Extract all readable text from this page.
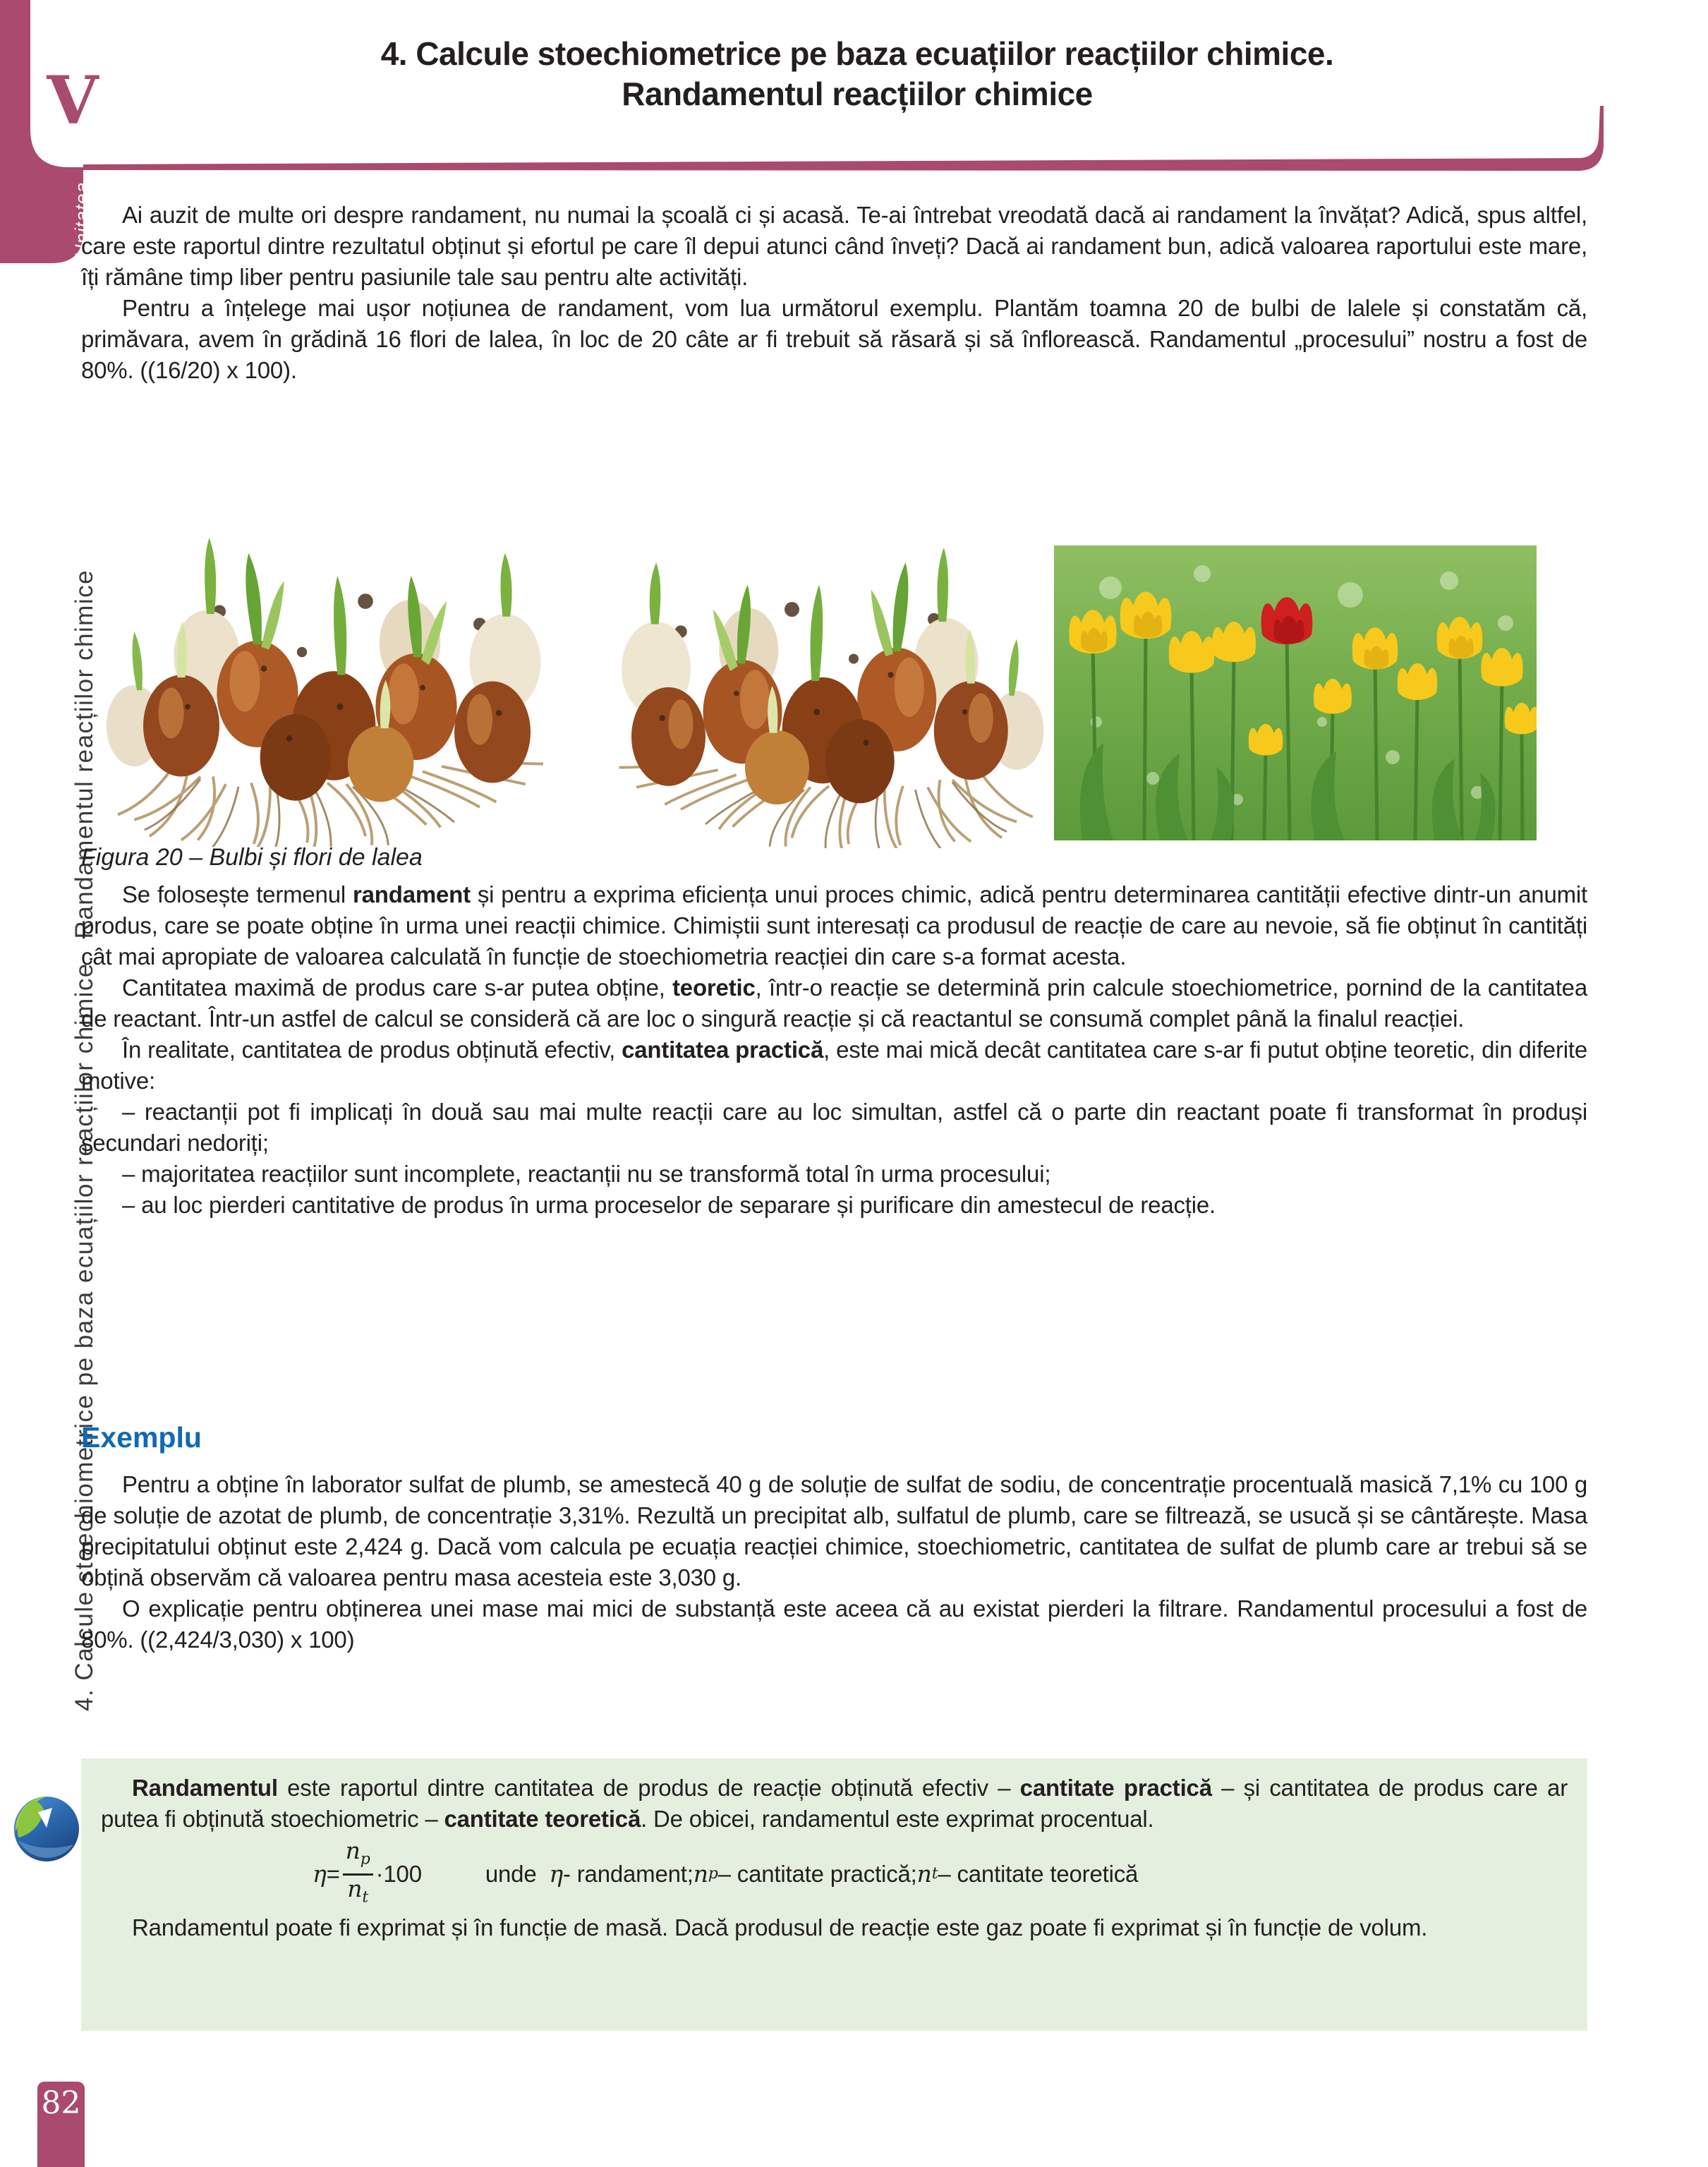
V
Unitatea
4. Calcule stoechiometrice pe baza ecuațiilor reacțiilor chimice.  Randamentul reacțiilor chimice
82
4. Calcule stoechiometrice pe baza ecuațiilor reacțiilor chimice.
Randamentul reacțiilor chimice

Ai auzit de multe ori despre randament, nu numai la școală ci și acasă. Te-ai întrebat vreodată dacă ai randament la învățat? Adică, spus altfel, care este raportul dintre rezultatul obținut și efortul pe care îl depui atunci când înveți? Dacă ai randament bun, adică valoarea raportului este mare, îți rămâne timp liber pentru pasiunile tale sau pentru alte activități.

Pentru a înțelege mai ușor noțiunea de randament, vom lua următorul exemplu. Plantăm toamna 20 de bulbi de lalele și constatăm că, primăvara, avem în grădină 16 flori de lalea, în loc de 20 câte ar fi trebuit să răsară și să înflorească. Randamentul „procesului” nostru a fost de 80%. ((16/20) x 100).

Figura 20 – Bulbi și flori de lalea

Se folosește termenul randament și pentru a exprima eficiența unui proces chimic, adică pentru determinarea cantității efective dintr-un anumit produs, care se poate obține în urma unei reacții chimice. Chimiștii sunt interesați ca produsul de reacție de care au nevoie, să fie obținut în cantități cât mai apropiate de valoarea calculată în funcție de stoechiometria reacției din care s-a format acesta.

Cantitatea maximă de produs care s-ar putea obține, teoretic, într-o reacție se determină prin calcule stoechiometrice, pornind de la cantitatea de reactant. Într-un astfel de calcul se consideră că are loc o singură reacție și că reactantul se consumă complet până la finalul reacției.

În realitate, cantitatea de produs obținută efectiv, cantitatea practică, este mai mică decât cantitatea care s-ar fi putut obține teoretic, din diferite motive:

– reactanții pot fi implicați în două sau mai multe reacții care au loc simultan, astfel că o parte din reactant poate fi transformat în produși secundari nedoriți;

– majoritatea reacțiilor sunt incomplete, reactanții nu se transformă total în urma procesului;

– au loc pierderi cantitative de produs în urma proceselor de separare și purificare din amestecul de reacție.

Exemplu

Pentru a obține în laborator sulfat de plumb, se amestecă 40 g de soluție de sulfat de sodiu, de concentrație procentuală masică 7,1% cu 100 g de soluție de azotat de plumb, de concentrație 3,31%. Rezultă un precipitat alb, sulfatul de plumb, care se filtrează, se usucă și se cântărește. Masa precipitatului obținut este 2,424 g. Dacă vom calcula pe ecuația reacției chimice, stoechiometric, cantitatea de sulfat de plumb care ar trebui să se obțină observăm că valoarea pentru masa acesteia este 3,030 g.

O explicație pentru obținerea unei mase mai mici de substanță este aceea că au existat pierderi la filtrare. Randamentul procesului a fost de 80%. ((2,424/3,030) x 100)

Randamentul este raportul dintre cantitatea de produs de reacție obținută efectiv – cantitate practică – și cantitatea de produs care ar putea fi obținută stoechiometric – cantitate teoretică. De obicei, randamentul este exprimat procentual.

$\eta = \frac{n_p}{n_t} \cdot 100$	unde
η - randament; n p – cantitate practică; n t – cantitate teoretică

Randamentul poate fi exprimat și în funcție de masă. Dacă produsul de reacție este gaz poate fi exprimat și în funcție de volum.
